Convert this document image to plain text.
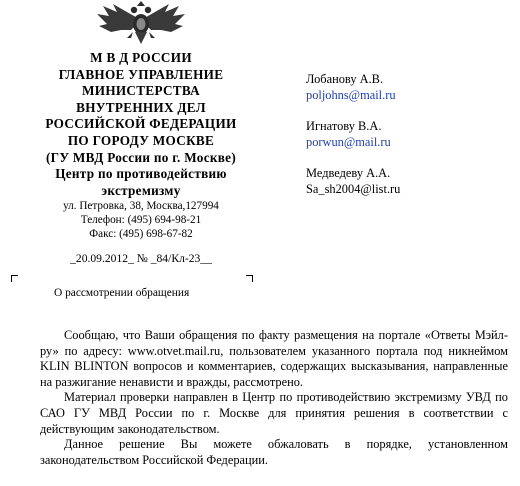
М В Д РОССИИ

ГЛАВНОЕ УПРАВЛЕНИЕ

МИНИСТЕРСТВА

ВНУТРЕННИХ ДЕЛ

РОССИЙСКОЙ ФЕДЕРАЦИИ

ПО ГОРОДУ МОСКВЕ

(ГУ МВД России по г. Москве)

Центр по противодействию

экстремизму

ул. Петровка, 38, Москва,127994

Телефон: (495) 694-98-21

Факс: (495) 698-67-82

_20.09.2012_ № _84/Кл-23__

Лобанову А.В.
poljohns@mail.ru
Игнатову В.А.
porwun@mail.ru
Медведеву А.А.
Sa_sh2004@list.ru
О рассмотрении обращения

Сообщаю, что Ваши обращения по факту размещения на портале «Ответы Мэйл-ру» по адресу: www.otvet.mail.ru, пользователем указанного портала под никнеймом KLIN BLINTON вопросов и комментариев, содержащих высказывания, направленные на разжигание ненависти и вражды, рассмотрено.

Материал проверки направлен в Центр по противодействию экстремизму УВД по САО ГУ МВД России по г. Москве для принятия решения в соответствии с действующим законодательством.

Данное решение Вы можете обжаловать в порядке, установленном законодательством Российской Федерации.
